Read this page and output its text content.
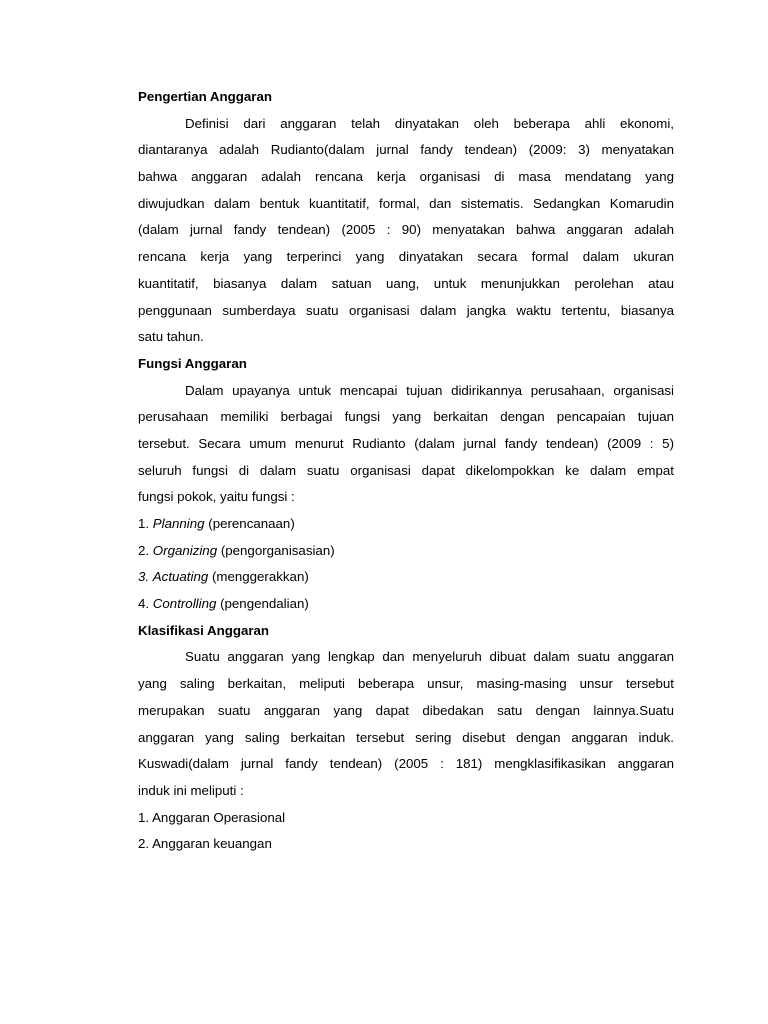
Pengertian Anggaran
Definisi dari anggaran telah dinyatakan oleh beberapa ahli ekonomi,
diantaranya adalah Rudianto(dalam jurnal fandy tendean) (2009: 3) menyatakan
bahwa anggaran adalah rencana kerja organisasi di masa mendatang yang
diwujudkan dalam bentuk kuantitatif, formal, dan sistematis. Sedangkan Komarudin
(dalam jurnal fandy tendean) (2005 : 90) menyatakan bahwa anggaran adalah
rencana kerja yang terperinci yang dinyatakan secara formal dalam ukuran
kuantitatif, biasanya dalam satuan uang, untuk menunjukkan perolehan atau
penggunaan sumberdaya suatu organisasi dalam jangka waktu tertentu, biasanya
satu tahun.
Fungsi Anggaran
Dalam upayanya untuk mencapai tujuan didirikannya perusahaan, organisasi
perusahaan memiliki berbagai fungsi yang berkaitan dengan pencapaian tujuan
tersebut. Secara umum menurut Rudianto (dalam jurnal fandy tendean) (2009 : 5)
seluruh fungsi di dalam suatu organisasi dapat dikelompokkan ke dalam empat
fungsi pokok, yaitu fungsi :
1. Planning (perencanaan)
2. Organizing (pengorganisasian)
3. Actuating (menggerakkan)
4. Controlling (pengendalian)
Klasifikasi Anggaran
Suatu anggaran yang lengkap dan menyeluruh dibuat dalam suatu anggaran
yang saling berkaitan, meliputi beberapa unsur, masing-masing unsur tersebut
merupakan suatu anggaran yang dapat dibedakan satu dengan lainnya.Suatu
anggaran yang saling berkaitan tersebut sering disebut dengan anggaran induk.
Kuswadi(dalam jurnal fandy tendean) (2005 : 181) mengklasifikasikan anggaran
induk ini meliputi :
1. Anggaran Operasional
2. Anggaran keuangan
